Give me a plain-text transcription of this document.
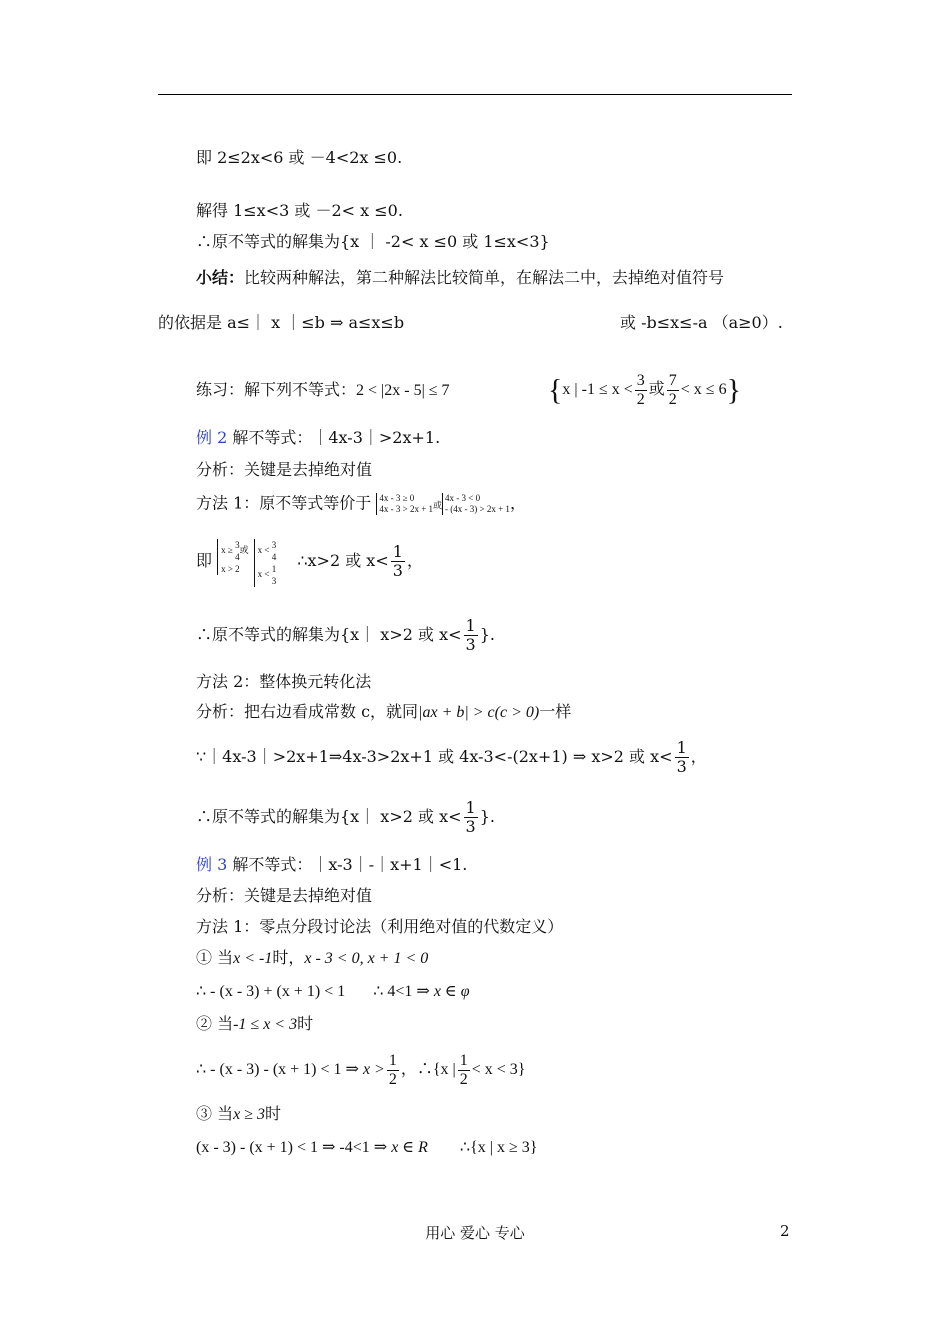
即 2≤2x<6 或 －4<2x ≤0.
解得 1≤x<3 或 －2< x ≤0.
∴原不等式的解集为{x ｜ -2< x ≤0 或 1≤x<3}
小结：比较两种解法，第二种解法比较简单，在解法二中，去掉绝对值符号
的依据是 a≤｜ x ｜≤b ⇒ a≤x≤b	或 -b≤x≤-a （a≥0）.
练习：解下列不等式：2 < |2x - 5| ≤ 7	{x | $-1 \le x < \frac{3}{2}$ 或 $\frac{7}{2} < x \le 6$}
例 2 解不等式：｜4x-3｜>2x+1.
分析：关键是去掉绝对值
方法 1：原不等式等价于 4x - 3 ≥ 0
4x - 3 > 2x + 1 或
4x - 3 < 0
- (4x - 3) > 2x + 1 ，
即
x ≥
3
4
或
x > 2

x <
3
4
x <
1
3
∴x>2 或 $x< \frac{1}{3}$ ，
∴原不等式的解集为{x｜ x>2 或 $x< \frac{1}{3}$ }.
方法 2：整体换元转化法
分析：把右边看成常数 c，就同|ax + b| > c(c > 0)一样
∵｜4x-3｜>2x+1⇒4x-3>2x+1 或 4x-3<-(2x+1) ⇒ x>2 或 $x< \frac{1}{3}$ ，
∴原不等式的解集为{x｜ x>2 或 $x< \frac{1}{3}$ }.
例 3 解不等式：｜x-3｜-｜x+1｜<1.
分析：关键是去掉绝对值
方法 1：零点分段讨论法（利用绝对值的代数定义）
① 当x < -1时，x - 3 < 0, x + 1 < 0
∴ - (x - 3) + (x + 1) < 1 ∴ 4<1 ⇒ x ∈ φ
② 当-1 ≤ x < 3时
∴ - (x - 3) - (x + 1) < 1 ⇒ $x > \frac{1}{2}$ ，∴{x | $\frac{1}{2} < x < 3$}
③ 当x ≥ 3时
(x - 3) - (x + 1) < 1 ⇒ -4<1 ⇒ x ∈ R ∴{x | x ≥ 3}
用心 爱心 专心	2
